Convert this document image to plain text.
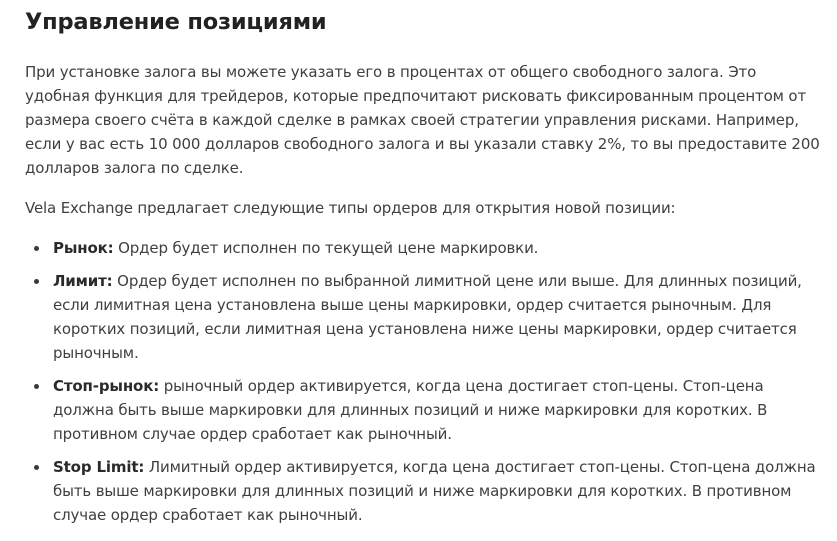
Управление позициями

При установке залога вы можете указать его в процентах от общего свободного залога. Это удобная функция для трейдеров, которые предпочитают рисковать фиксированным процентом от размера своего счёта в каждой сделке в рамках своей стратегии управления рисками. Например, если у вас есть 10 000 долларов свободного залога и вы указали ставку 2%, то вы предоставите 200 долларов залога по сделке.

Vela Exchange предлагает следующие типы ордеров для открытия новой позиции:

Рынок: Ордер будет исполнен по текущей цене маркировки.
Лимит: Ордер будет исполнен по выбранной лимитной цене или выше. Для длинных позиций, если лимитная цена установлена выше цены маркировки, ордер считается рыночным. Для коротких позиций, если лимитная цена установлена ниже цены маркировки, ордер считается рыночным.
Стоп-рынок: рыночный ордер активируется, когда цена достигает стоп-цены. Стоп-цена должна быть выше маркировки для длинных позиций и ниже маркировки для коротких. В противном случае ордер сработает как рыночный.
Stop Limit: Лимитный ордер активируется, когда цена достигает стоп-цены. Стоп-цена должна быть выше маркировки для длинных позиций и ниже маркировки для коротких. В противном случае ордер сработает как рыночный.
